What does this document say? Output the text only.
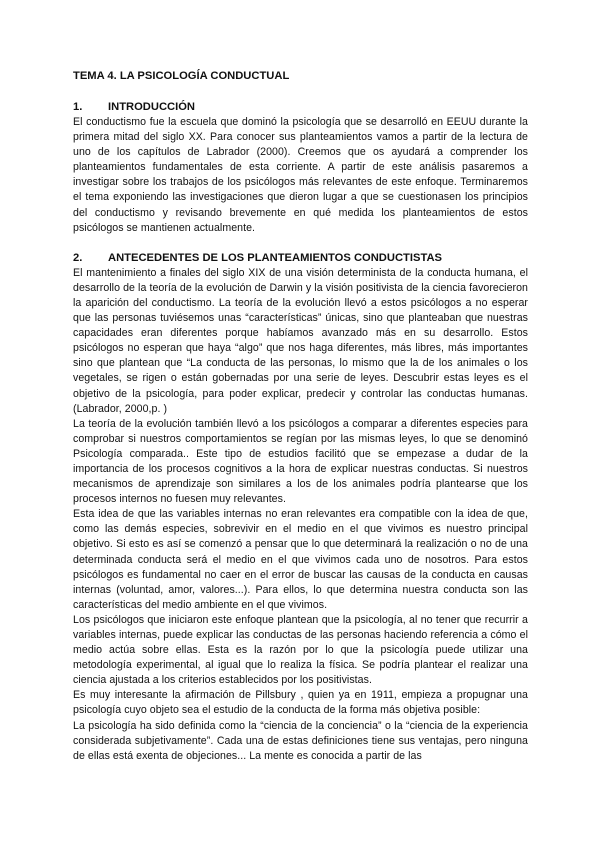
TEMA 4. LA PSICOLOGÍA CONDUCTUAL
1.	INTRODUCCIÓN

El conductismo fue la escuela que dominó la psicología que se desarrolló en EEUU durante la primera mitad del siglo XX. Para conocer sus planteamientos vamos a partir de la lectura de uno de los capítulos de Labrador (2000). Creemos que os ayudará a comprender los planteamientos fundamentales de esta corriente. A partir de este análisis pasaremos a investigar sobre los trabajos de los psicólogos más relevantes de este enfoque. Terminaremos el tema exponiendo las investigaciones que dieron lugar a que se cuestionasen los principios del conductismo y revisando brevemente en qué medida los planteamientos de estos psicólogos se mantienen actualmente.

2.	ANTECEDENTES DE LOS PLANTEAMIENTOS CONDUCTISTAS

El mantenimiento a finales del siglo XIX de una visión determinista de la conducta humana, el desarrollo de la teoría de la evolución de Darwin y la visión positivista de la ciencia favorecieron la aparición del conductismo. La teoría de la evolución llevó a estos psicólogos a no esperar que las personas tuviésemos unas “características” únicas, sino que planteaban que nuestras capacidades eran diferentes porque habíamos avanzado más en su desarrollo. Estos psicólogos no esperan que haya “algo” que nos haga diferentes, más libres, más importantes sino que plantean que “La conducta de las personas, lo mismo que la de los animales o los vegetales, se rigen o están gobernadas por una serie de leyes. Descubrir estas leyes es el objetivo de la psicología, para poder explicar, predecir y controlar las conductas humanas. (Labrador, 2000,p. )

La teoría de la evolución también llevó a los psicólogos a comparar a diferentes especies para comprobar si nuestros comportamientos se regían por las mismas leyes, lo que se denominó Psicología comparada.. Este tipo de estudios facilitó que se empezase a dudar de la importancia de los procesos cognitivos a la hora de explicar nuestras conductas. Si nuestros mecanismos de aprendizaje son similares a los de los animales podría plantearse que los procesos internos no fuesen muy relevantes.

Esta idea de que las variables internas no eran relevantes era compatible con la idea de que, como las demás especies, sobrevivir en el medio en el que vivimos es nuestro principal objetivo. Si esto es así se comenzó a pensar que lo que determinará la realización o no de una determinada conducta será el medio en el que vivimos cada uno de nosotros. Para estos psicólogos es fundamental no caer en el error de buscar las causas de la conducta en causas internas (voluntad, amor, valores...). Para ellos, lo que determina nuestra conducta son las características del medio ambiente en el que vivimos.

Los psicólogos que iniciaron este enfoque plantean que la psicología, al no tener que recurrir a variables internas, puede explicar las conductas de las personas haciendo referencia a cómo el medio actúa sobre ellas. Esta es la razón por lo que la psicología puede utilizar una metodología experimental, al igual que lo realiza la física. Se podría plantear el realizar una ciencia ajustada a los criterios establecidos por los positivistas.

Es muy interesante la afirmación de Pillsbury , quien ya en 1911, empieza a propugnar una psicología cuyo objeto sea el estudio de la conducta de la forma más objetiva posible:

La psicología ha sido definida como la “ciencia de la conciencia” o la “ciencia de la experiencia considerada subjetivamente”. Cada una de estas definiciones tiene sus ventajas, pero ninguna de ellas está exenta de objeciones... La mente es conocida a partir de las
